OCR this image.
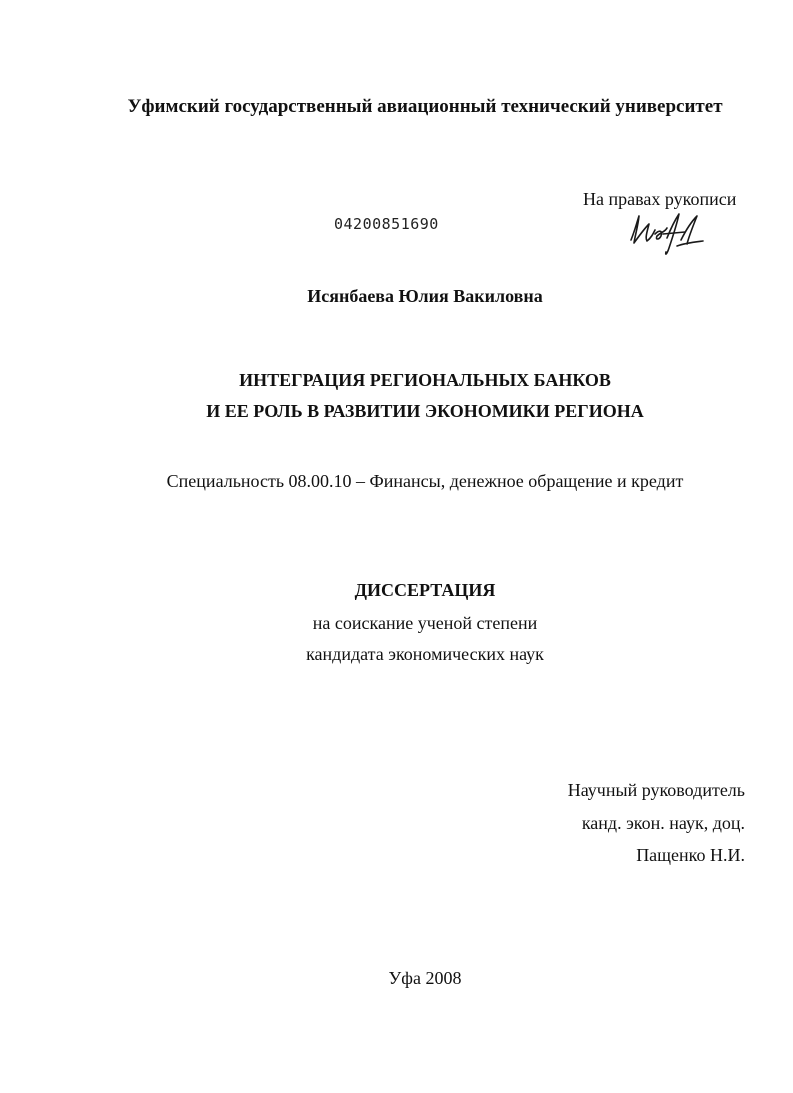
Уфимский государственный авиационный технический университет
На правах рукописи
04200851690
Исянбаева Юлия Вакиловна
ИНТЕГРАЦИЯ РЕГИОНАЛЬНЫХ БАНКОВ
И ЕЕ РОЛЬ В РАЗВИТИИ ЭКОНОМИКИ РЕГИОНА
Специальность 08.00.10 – Финансы, денежное обращение и кредит
ДИССЕРТАЦИЯ
на соискание ученой степени
кандидата экономических наук
Научный руководитель
канд. экон. наук, доц.
Пащенко Н.И.
Уфа 2008
